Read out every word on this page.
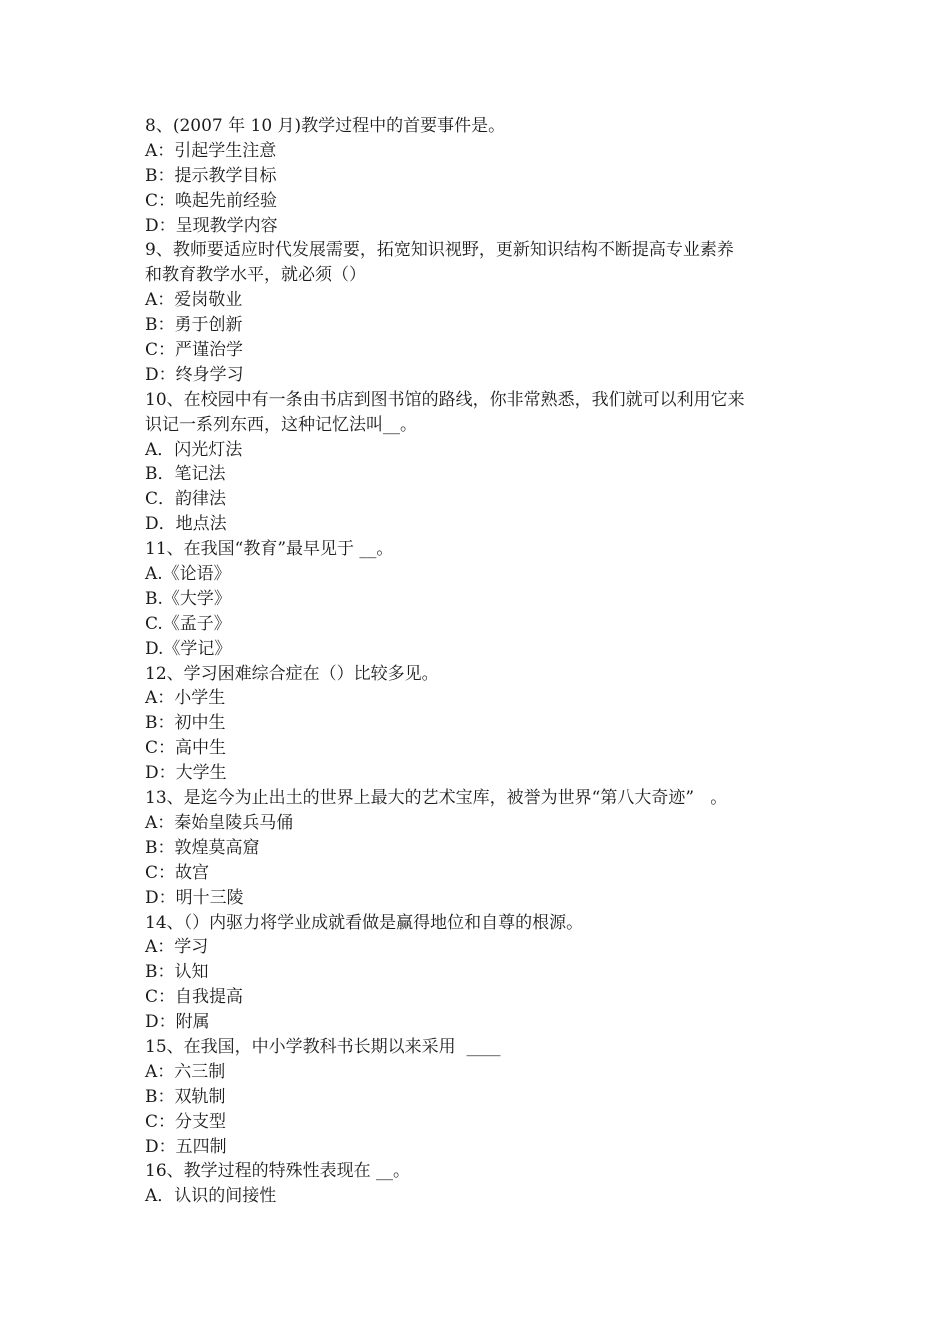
8、(2007 年 10 月)教学过程中的首要事件是。
A：引起学生注意
B：提示教学目标
C：唤起先前经验
D：呈现教学内容
9、教师要适应时代发展需要，拓宽知识视野，更新知识结构不断提高专业素养
和教育教学水平，就必须（）
A：爱岗敬业
B：勇于创新
C：严谨治学
D：终身学习
10、在校园中有一条由书店到图书馆的路线，你非常熟悉，我们就可以利用它来
识记一系列东西，这种记忆法叫__。
A．闪光灯法
B．笔记法
C．韵律法
D．地点法
11、在我国“教育”最早见于 __。
A.《论语》
B.《大学》
C.《孟子》
D.《学记》
12、学习困难综合症在（）比较多见。
A：小学生
B：初中生
C：高中生
D：大学生
13、是迄今为止出土的世界上最大的艺术宝库，被誉为世界“第八大奇迹”   。
A：秦始皇陵兵马俑
B：敦煌莫高窟
C：故宫
D：明十三陵
14、（）内驱力将学业成就看做是赢得地位和自尊的根源。
A：学习
B：认知
C：自我提高
D：附属
15、在我国，中小学教科书长期以来采用  ____
A：六三制
B：双轨制
C：分支型
D：五四制
16、教学过程的特殊性表现在 __。
A．认识的间接性
